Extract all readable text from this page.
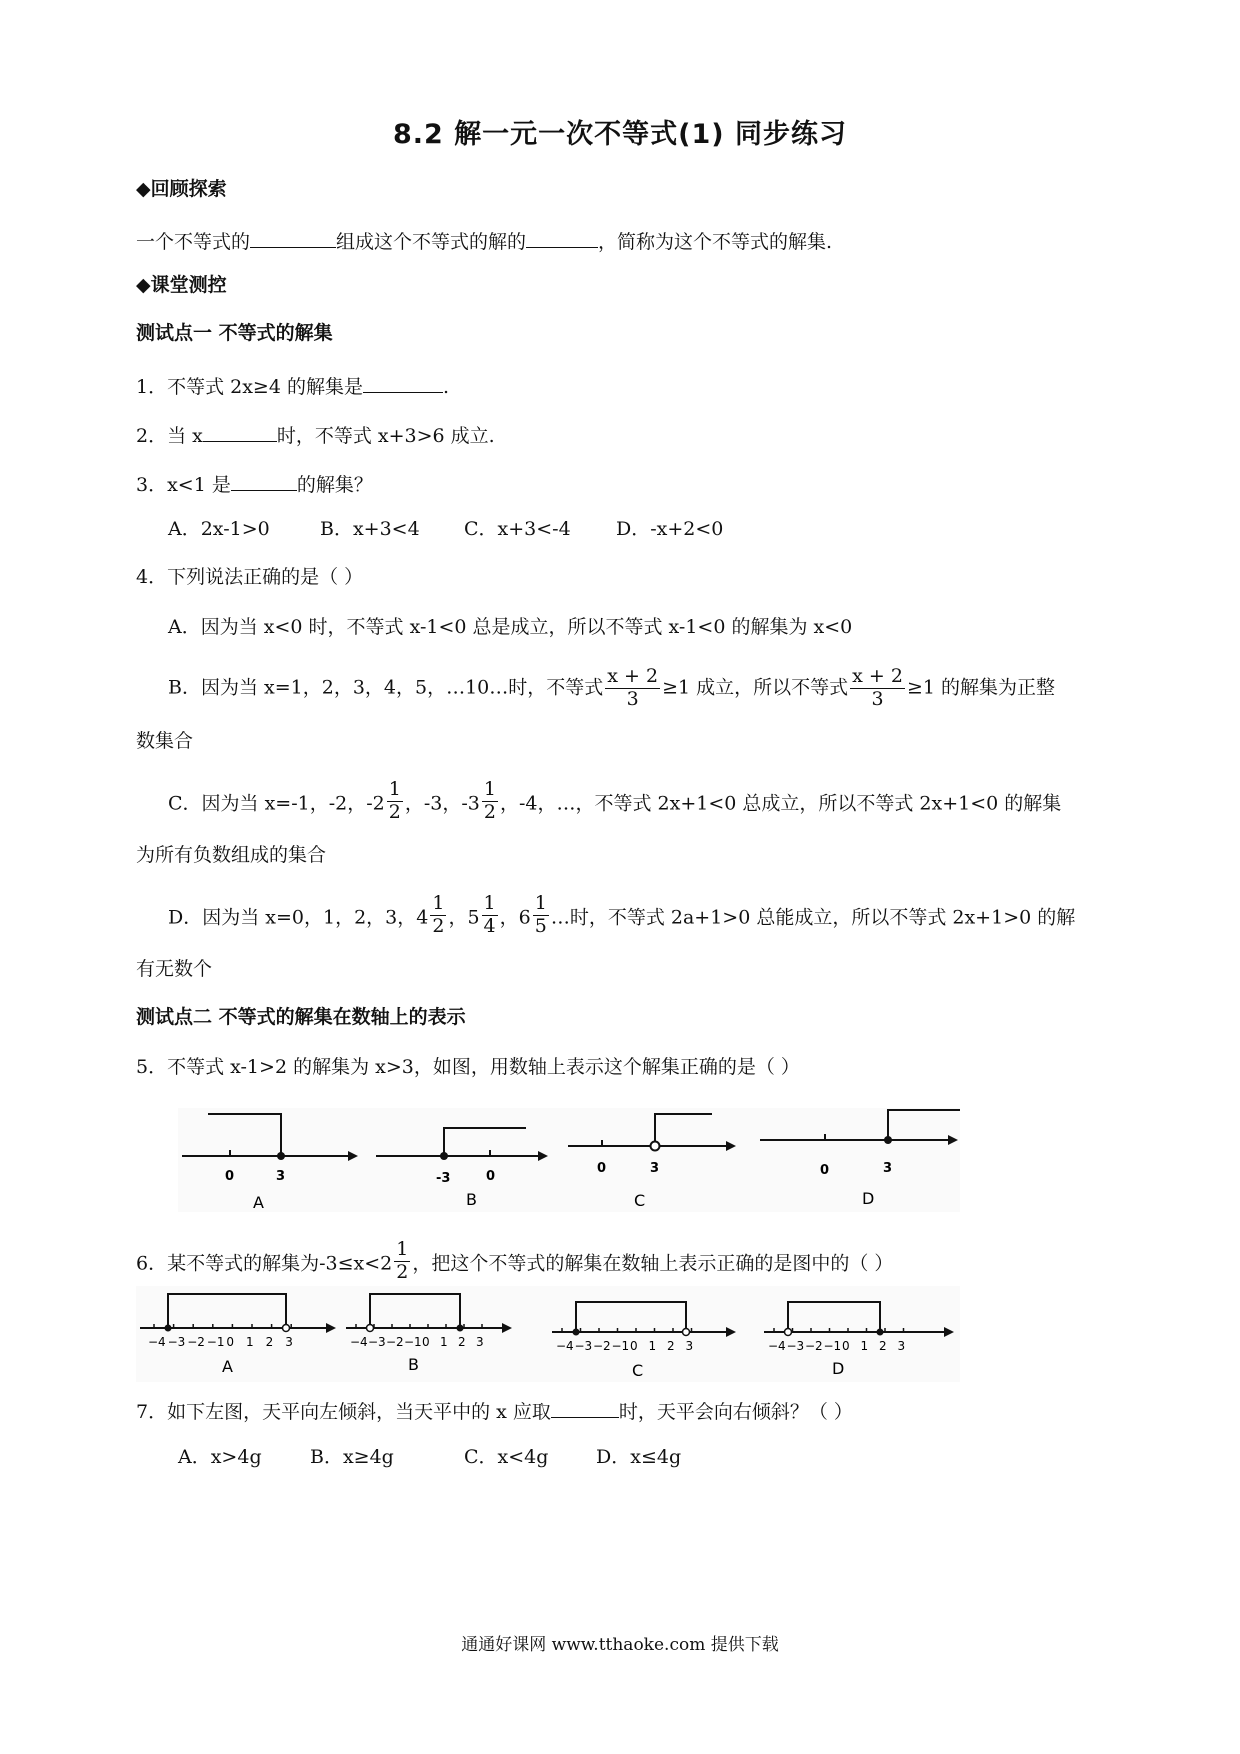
8.2 解一元一次不等式(1) 同步练习
◆回顾探索
一个不等式的	组成这个不等式的解的	，简称为这个不等式的解集.
◆课堂测控
测试点一 不等式的解集
1．不等式 2x≥4 的解集是	.
2．当 x	时，不等式 x+3>6 成立.
3．x<1 是	的解集？
A．2x-1>0	B．x+3<4 C．x+3<-4 D．-x+2<0
4．下列说法正确的是（ ）
A．因为当 x<0 时，不等式 x-1<0 总是成立，所以不等式 x-1<0 的解集为 x<0
B．因为当 x=1，2，3，4，5，…10…时，不等式 $\frac{x + 2}{3} \ge 1$ 成立，所以不等式 $\frac{x + 2}{3} \ge 1$ 的解集为正整
数集合
C．因为当 x=-1，-2，$-2 \frac{1}{2}$ ，-3，$-3 \frac{1}{2}$ ，-4，…，不等式 2x+1<0 总成立，所以不等式 2x+1<0 的解集
为所有负数组成的集合
D．因为当 x=0，1，2，3，$4 \frac{1}{2}$ ，$5 \frac{1}{4}$ ，$6 \frac{1}{5}$ …时，不等式 2a+1>0 总能成立，所以不等式 2x+1>0 的解
有无数个
测试点二 不等式的解集在数轴上的表示
5．不等式 x-1>2 的解集为 x>3，如图，用数轴上表示这个解集正确的是（ ）
0	3
A
-3	0
B
0	3
C
0	3
D
6．某不等式的解集为$-3\le x<2 \frac{1}{2}$ ，把这个不等式的解集在数轴上表示正确的是图中的（ ）
−4 −3 −2 −1 0 1 2 3
A
−4 −3 −2 −1 0 1 2 3
B
−4 −3 −2 −1 0 1 2 3
C
−4 −3 −2 −1 0 1 2 3
D
7．如下左图，天平向左倾斜，当天平中的 x 应取	时，天平会向右倾斜？（ ）
A．x>4g	B．x≥4g	C．x<4g	D．x≤4g
通通好课网 www.tthaoke.com 提供下载
